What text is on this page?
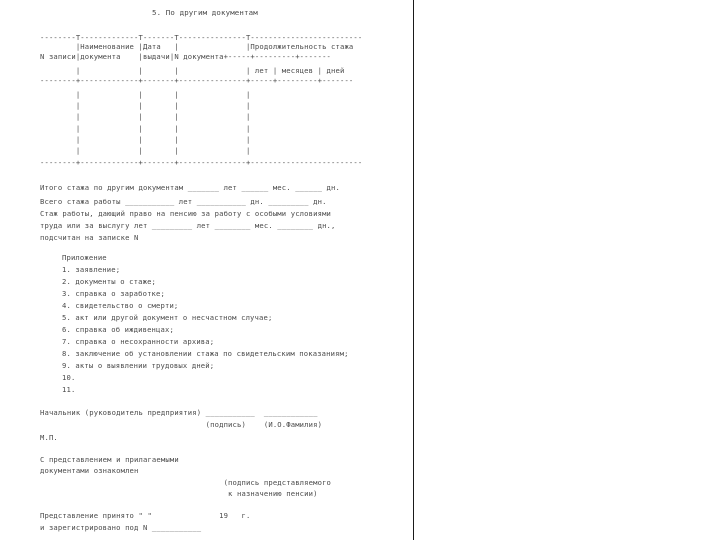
5. По другим документам
--------T-------------T-------T---------------T-------------------------
|Наименование |Дата   |               |Продолжительность стажа
N записи|документа    |выдачи|N документа+-----+---------+-------
|             |       |               | лет | месяцев | дней
--------+-------------+-------+---------------+-----+---------+-------
|             |       |               |
|             |       |               |
|             |       |               |
|             |       |               |
|             |       |               |
|             |       |               |
--------+-------------+-------+---------------+-------------------------
Итого стажа по другим документам _______ лет ______ мес. ______ дн.
Всего стажа работы ___________ лет ___________ дн. _________ дн.
Стаж работы, дающий право на пенсию за работу с особыми условиями
труда или за выслугу лет _________ лет ________ мес. ________ дн.,
подсчитан на записке N
Приложение
1. заявление;
2. документы о стаже;
3. справка о заработке;
4. свидетельство о смерти;
5. акт или другой документ о несчастном случае;
6. справка об иждивенцах;
7. справка о несохранности архива;
8. заключение об установлении стажа по свидетельским показаниям;
9. акты о выявлении трудовых дней;
10.
11.
Начальник (руководитель предприятия) ___________  ____________
(подпись)    (И.О.Фамилия)
М.П.
С представлением и прилагаемыми
документами ознакомлен
(подпись представляемого
к назначению пенсии)
Представление принято " "               19   г.
и зарегистрировано под N ___________
